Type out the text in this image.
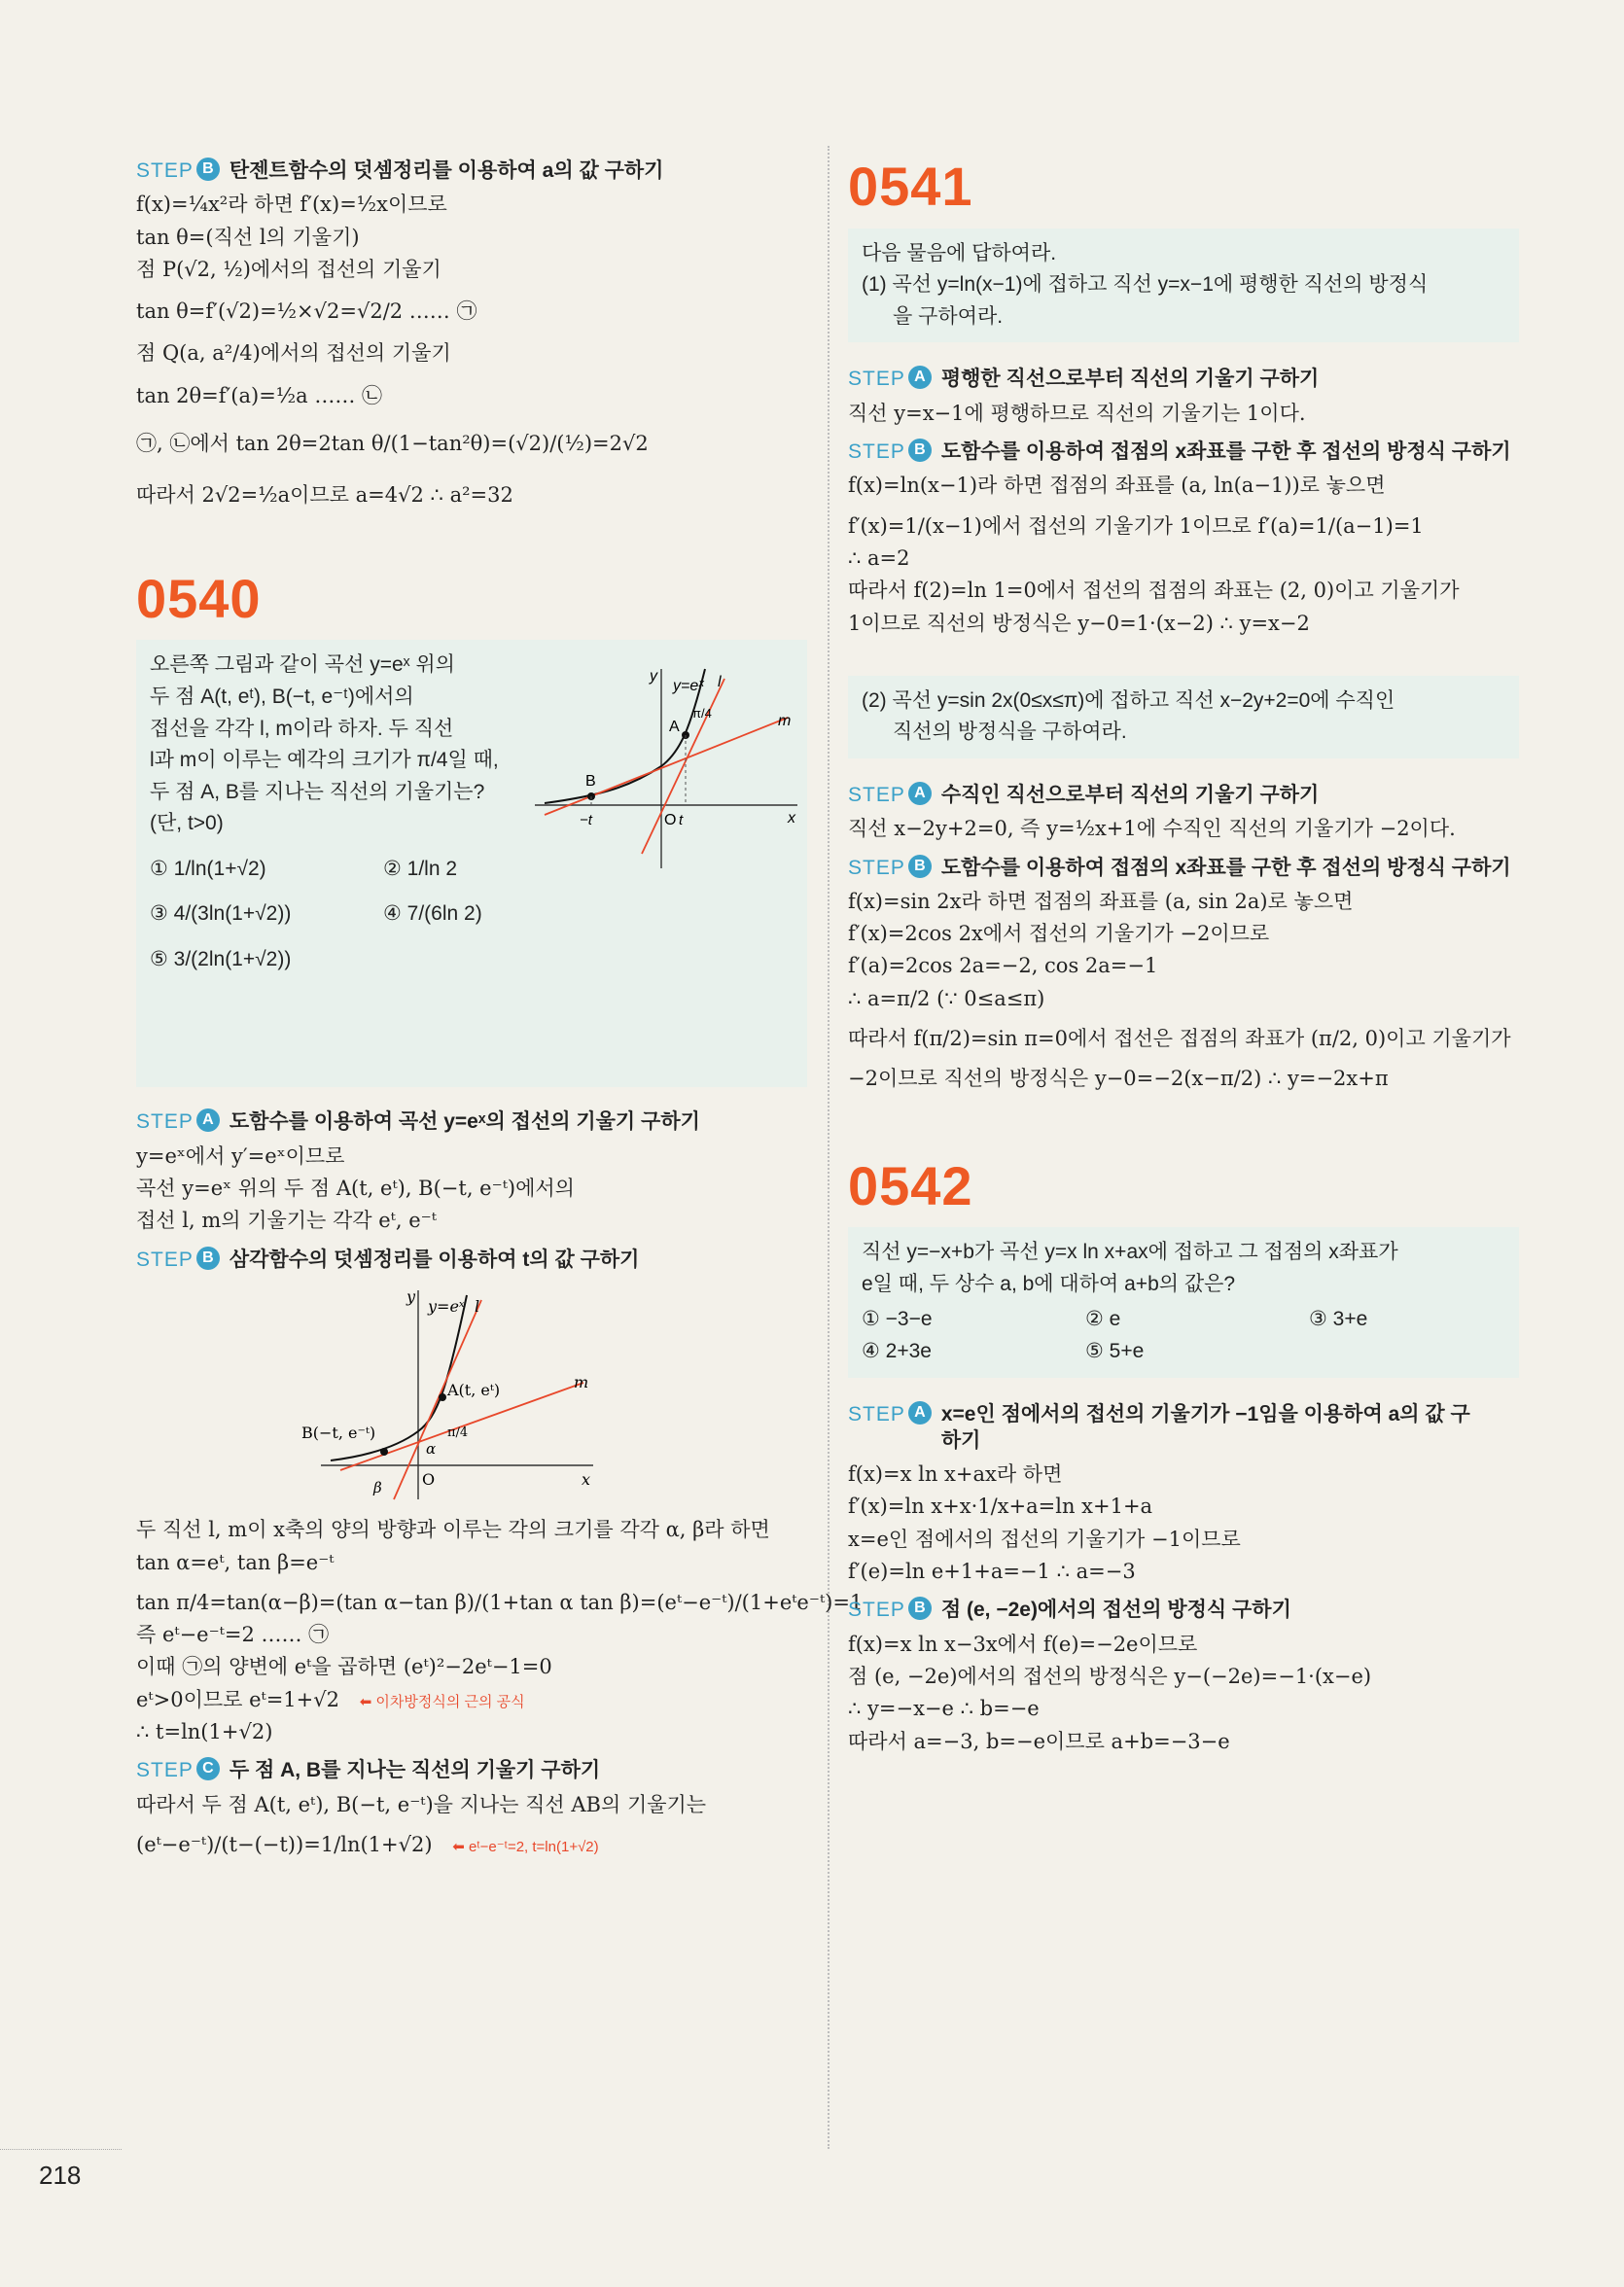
STEP B 탄젠트함수의 덧셈정리를 이용하여 a의 값 구하기
f(x)=¼x²라 하면 f′(x)=½x이므로
tan θ=(직선 l의 기울기)
점 P(√2, ½)에서의 접선의 기울기
tan θ=f′(√2)=½×√2=√2/2 …… ㉠
점 Q(a, a²/4)에서의 접선의 기울기
tan 2θ=f′(a)=½a …… ㉡
㉠, ㉡에서 tan 2θ=2tan θ/(1−tan²θ)=(√2)/(½)=2√2
따라서 2√2=½a이므로 a=4√2 ∴ a²=32
0540
오른쪽 그림과 같이 곡선 y=eˣ 위의
두 점 A(t, eᵗ), B(−t, e⁻ᵗ)에서의
접선을 각각 l, m이라 하자. 두 직선
l과 m이 이루는 예각의 크기가 π/4일 때,
두 점 A, B를 지나는 직선의 기울기는?
(단, t>0)
① 1/ln(1+√2)	② 1/ln 2
③ 4/(3ln(1+√2))	④ 7/(6ln 2)
⑤ 3/(2ln(1+√2))
y
x
O
y=eˣ l
m
A
B
−t	t
π/4
STEP A 도함수를 이용하여 곡선 y=eˣ의 접선의 기울기 구하기
y=eˣ에서 y′=eˣ이므로
곡선 y=eˣ 위의 두 점 A(t, eᵗ), B(−t, e⁻ᵗ)에서의
접선 l, m의 기울기는 각각 eᵗ, e⁻ᵗ
STEP B 삼각함수의 덧셈정리를 이용하여 t의 값 구하기
y
x
O
y=eˣ l
m
A(t, eᵗ)
B(−t, e⁻ᵗ)
α
β
π/4
두 직선 l, m이 x축의 양의 방향과 이루는 각의 크기를 각각 α, β라 하면
tan α=eᵗ, tan β=e⁻ᵗ
tan π/4=tan(α−β)=(tan α−tan β)/(1+tan α tan β)=(eᵗ−e⁻ᵗ)/(1+eᵗe⁻ᵗ)=1
즉 eᵗ−e⁻ᵗ=2 …… ㉠
이때 ㉠의 양변에 eᵗ을 곱하면 (eᵗ)²−2eᵗ−1=0
eᵗ>0이므로 eᵗ=1+√2 ⬅ 이차방정식의 근의 공식
∴ t=ln(1+√2)
STEP C 두 점 A, B를 지나는 직선의 기울기 구하기
따라서 두 점 A(t, eᵗ), B(−t, e⁻ᵗ)을 지나는 직선 AB의 기울기는
(eᵗ−e⁻ᵗ)/(t−(−t))=1/ln(1+√2) ⬅ eᵗ−e⁻ᵗ=2, t=ln(1+√2)
0541
다음 물음에 답하여라.
(1) 곡선 y=ln(x−1)에 접하고 직선 y=x−1에 평행한 직선의 방정식
을 구하여라.
STEP A 평행한 직선으로부터 직선의 기울기 구하기
직선 y=x−1에 평행하므로 직선의 기울기는 1이다.
STEP B 도함수를 이용하여 접점의 x좌표를 구한 후 접선의 방정식 구하기
f(x)=ln(x−1)라 하면 접점의 좌표를 (a, ln(a−1))로 놓으면
f′(x)=1/(x−1)에서 접선의 기울기가 1이므로 f′(a)=1/(a−1)=1
∴ a=2
따라서 f(2)=ln 1=0에서 접선의 접점의 좌표는 (2, 0)이고 기울기가
1이므로 직선의 방정식은 y−0=1·(x−2) ∴ y=x−2
(2) 곡선 y=sin 2x(0≤x≤π)에 접하고 직선 x−2y+2=0에 수직인
직선의 방정식을 구하여라.
STEP A 수직인 직선으로부터 직선의 기울기 구하기
직선 x−2y+2=0, 즉 y=½x+1에 수직인 직선의 기울기가 −2이다.
STEP B 도함수를 이용하여 접점의 x좌표를 구한 후 접선의 방정식 구하기
f(x)=sin 2x라 하면 접점의 좌표를 (a, sin 2a)로 놓으면
f′(x)=2cos 2x에서 접선의 기울기가 −2이므로
f′(a)=2cos 2a=−2, cos 2a=−1
∴ a=π/2 (∵ 0≤a≤π)
따라서 f(π/2)=sin π=0에서 접선은 접점의 좌표가 (π/2, 0)이고 기울기가
−2이므로 직선의 방정식은 y−0=−2(x−π/2) ∴ y=−2x+π
0542
직선 y=−x+b가 곡선 y=x ln x+ax에 접하고 그 접점의 x좌표가
e일 때, 두 상수 a, b에 대하여 a+b의 값은?
① −3−e	② e	③ 3+e
④ 2+3e	⑤ 5+e
STEP A x=e인 점에서의 접선의 기울기가 −1임을 이용하여 a의 값 구하기
f(x)=x ln x+ax라 하면
f′(x)=ln x+x·1/x+a=ln x+1+a
x=e인 점에서의 접선의 기울기가 −1이므로
f′(e)=ln e+1+a=−1 ∴ a=−3
STEP B 점 (e, −2e)에서의 접선의 방정식 구하기
f(x)=x ln x−3x에서 f(e)=−2e이므로
점 (e, −2e)에서의 접선의 방정식은 y−(−2e)=−1·(x−e)
∴ y=−x−e ∴ b=−e
따라서 a=−3, b=−e이므로 a+b=−3−e
218
